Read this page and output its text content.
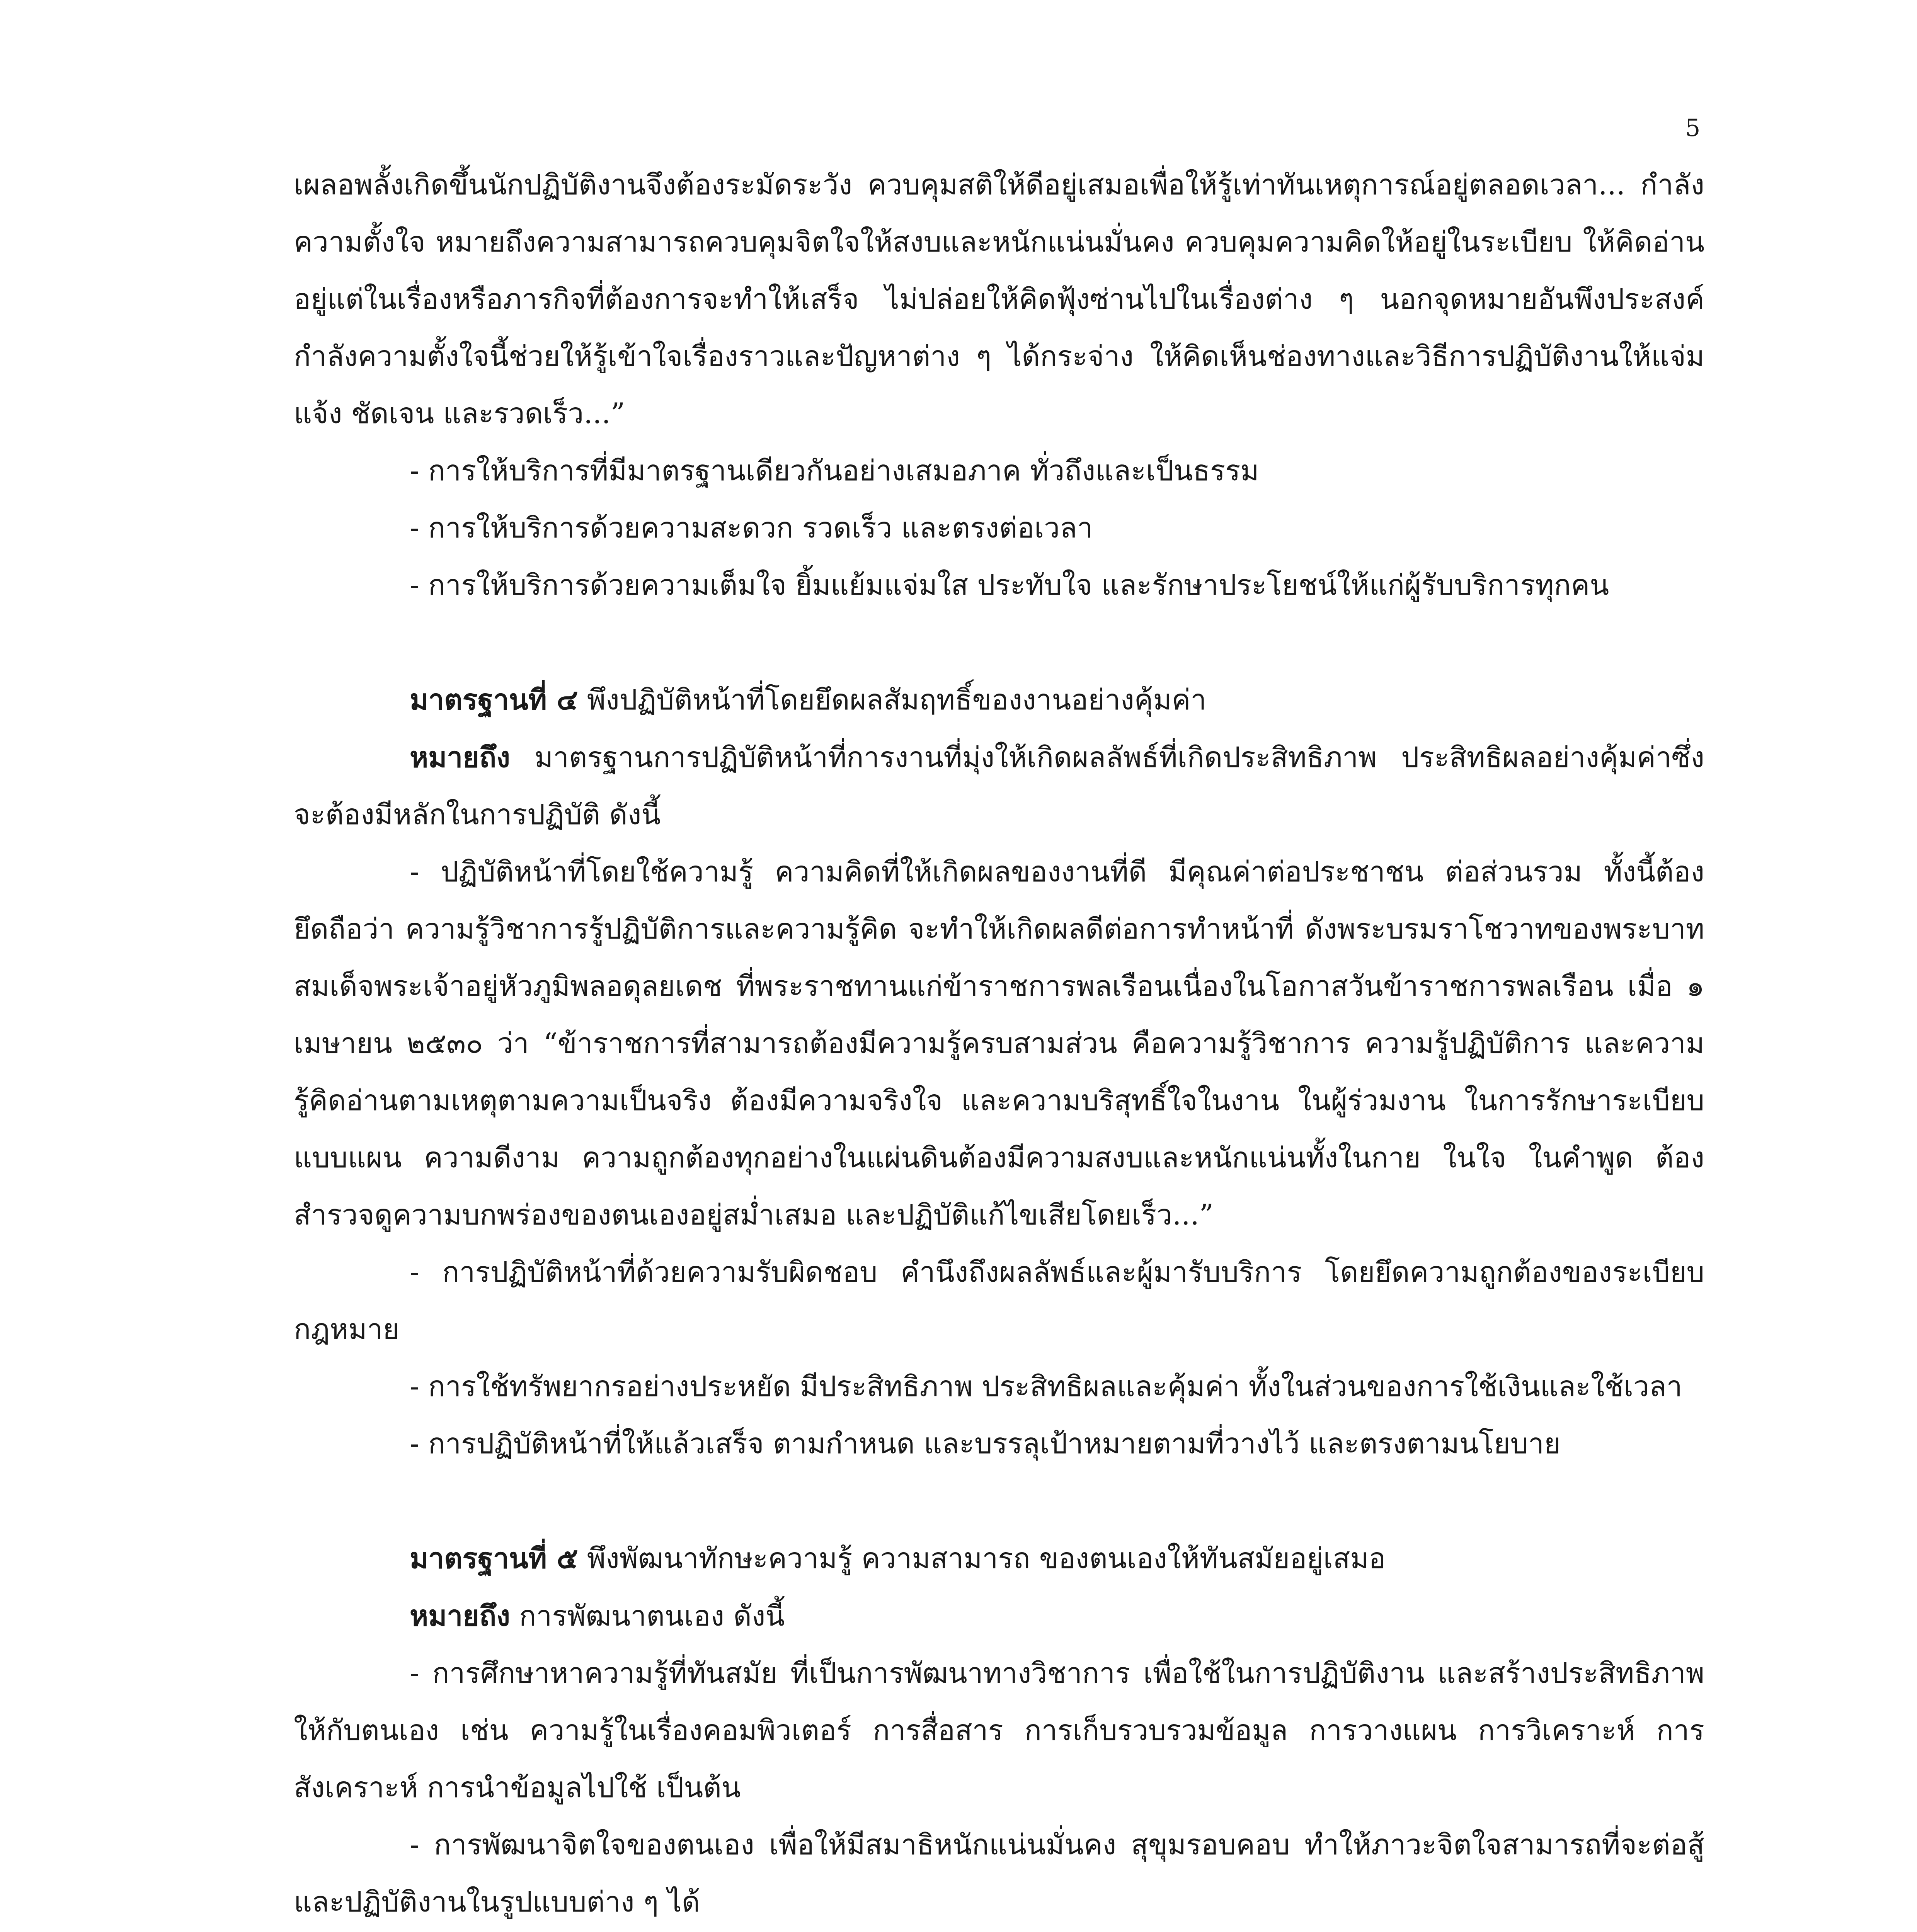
5

เผลอพลั้งเกิดขึ้นนักปฏิบัติงานจึงต้องระมัดระวัง ควบคุมสติให้ดีอยู่เสมอเพื่อให้รู้เท่าทันเหตุการณ์อยู่ตลอดเวลา... กำลังความตั้งใจ หมายถึงความสามารถควบคุมจิตใจให้สงบและหนักแน่นมั่นคง ควบคุมความคิดให้อยู่ในระเบียบ ให้คิดอ่านอยู่แต่ในเรื่องหรือภารกิจที่ต้องการจะทำให้เสร็จ ไม่ปล่อยให้คิดฟุ้งซ่านไปในเรื่องต่าง ๆ นอกจุดหมายอันพึงประสงค์ กำลังความตั้งใจนี้ช่วยให้รู้เข้าใจเรื่องราวและปัญหาต่าง ๆ ได้กระจ่าง ให้คิดเห็นช่องทางและวิธีการปฏิบัติงานให้แจ่มแจ้ง ชัดเจน และรวดเร็ว...”

- การให้บริการที่มีมาตรฐานเดียวกันอย่างเสมอภาค ทั่วถึงและเป็นธรรม

- การให้บริการด้วยความสะดวก รวดเร็ว และตรงต่อเวลา

- การให้บริการด้วยความเต็มใจ ยิ้มแย้มแจ่มใส ประทับใจ และรักษาประโยชน์ให้แก่ผู้รับบริการทุกคน

มาตรฐานที่ ๔ พึงปฏิบัติหน้าที่โดยยึดผลสัมฤทธิ์ของงานอย่างคุ้มค่า

หมายถึง มาตรฐานการปฏิบัติหน้าที่การงานที่มุ่งให้เกิดผลลัพธ์ที่เกิดประสิทธิภาพ ประสิทธิผลอย่างคุ้มค่าซึ่งจะต้องมีหลักในการปฏิบัติ ดังนี้

- ปฏิบัติหน้าที่โดยใช้ความรู้ ความคิดที่ให้เกิดผลของงานที่ดี มีคุณค่าต่อประชาชน ต่อส่วนรวม ทั้งนี้ต้องยึดถือว่า ความรู้วิชาการรู้ปฏิบัติการและความรู้คิด จะทำให้เกิดผลดีต่อการทำหน้าที่ ดังพระบรมราโชวาทของพระบาทสมเด็จพระเจ้าอยู่หัวภูมิพลอดุลยเดช ที่พระราชทานแก่ข้าราชการพลเรือนเนื่องในโอกาสวันข้าราชการพลเรือน เมื่อ ๑ เมษายน ๒๕๓๐ ว่า “ข้าราชการที่สามารถต้องมีความรู้ครบสามส่วน คือความรู้วิชาการ ความรู้ปฏิบัติการ และความรู้คิดอ่านตามเหตุตามความเป็นจริง ต้องมีความจริงใจ และความบริสุทธิ์ใจในงาน ในผู้ร่วมงาน ในการรักษาระเบียบแบบแผน ความดีงาม ความถูกต้องทุกอย่างในแผ่นดินต้องมีความสงบและหนักแน่นทั้งในกาย ในใจ ในคำพูด ต้องสำรวจดูความบกพร่องของตนเองอยู่สม่ำเสมอ และปฏิบัติแก้ไขเสียโดยเร็ว...”

- การปฏิบัติหน้าที่ด้วยความรับผิดชอบ คำนึงถึงผลลัพธ์และผู้มารับบริการ โดยยึดความถูกต้องของระเบียบกฎหมาย

- การใช้ทรัพยากรอย่างประหยัด มีประสิทธิภาพ ประสิทธิผลและคุ้มค่า ทั้งในส่วนของการใช้เงินและใช้เวลา

- การปฏิบัติหน้าที่ให้แล้วเสร็จ ตามกำหนด และบรรลุเป้าหมายตามที่วางไว้ และตรงตามนโยบาย

มาตรฐานที่ ๕ พึงพัฒนาทักษะความรู้ ความสามารถ ของตนเองให้ทันสมัยอยู่เสมอ

หมายถึง การพัฒนาตนเอง ดังนี้

- การศึกษาหาความรู้ที่ทันสมัย ที่เป็นการพัฒนาทางวิชาการ เพื่อใช้ในการปฏิบัติงาน และสร้างประสิทธิภาพให้กับตนเอง เช่น ความรู้ในเรื่องคอมพิวเตอร์ การสื่อสาร การเก็บรวบรวมข้อมูล การวางแผน การวิเคราะห์ การสังเคราะห์ การนำข้อมูลไปใช้ เป็นต้น

- การพัฒนาจิตใจของตนเอง เพื่อให้มีสมาธิหนักแน่นมั่นคง สุขุมรอบคอบ ทำให้ภาวะจิตใจสามารถที่จะต่อสู้ และปฏิบัติงานในรูปแบบต่าง ๆ ได้
